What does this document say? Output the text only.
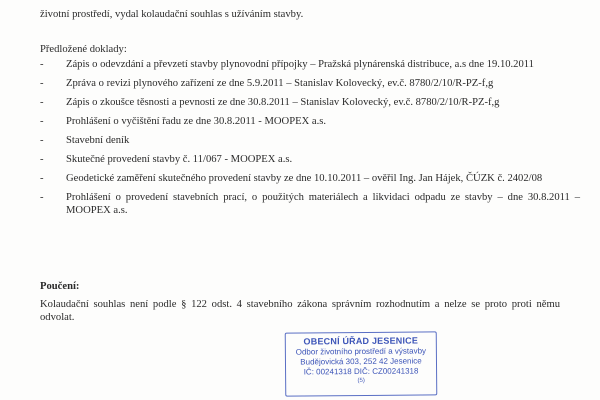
životní prostředí, vydal kolaudační souhlas s užíváním stavby.
Předložené doklady:
- Zápis o odevzdání a převzetí stavby plynovodní přípojky – Pražská plynárenská distribuce, a.s dne 19.10.2011
- Zpráva o revizi plynového zařízení ze dne 5.9.2011 – Stanislav Kolovecký, ev.č. 8780/2/10/R-PZ-f,g
- Zápis o zkoušce těsnosti a pevnosti ze dne 30.8.2011 – Stanislav Kolovecký, ev.č. 8780/2/10/R-PZ-f,g
- Prohlášení o vyčištění řadu ze dne 30.8.2011 - MOOPEX a.s.
- Stavební deník
- Skutečné provedení stavby č. 11/067 - MOOPEX a.s.
- Geodetické zaměření skutečného provedení stavby ze dne 10.10.2011 – ověřil Ing. Jan Hájek, ČÚZK č. 2402/08
- Prohlášení o provedení stavebních prací, o použitých materiálech a likvidaci odpadu ze stavby – dne 30.8.2011 – MOOPEX a.s.
Poučení:
Kolaudační souhlas není podle § 122 odst. 4 stavebního zákona správním rozhodnutím a nelze se proto proti němu odvolat.
OBECNÍ ÚŘAD JESENICE
Odbor životního prostředí a výstavby
Budějovická 303, 252 42 Jesenice
IČ: 00241318 DIČ: CZ00241318
(5)
